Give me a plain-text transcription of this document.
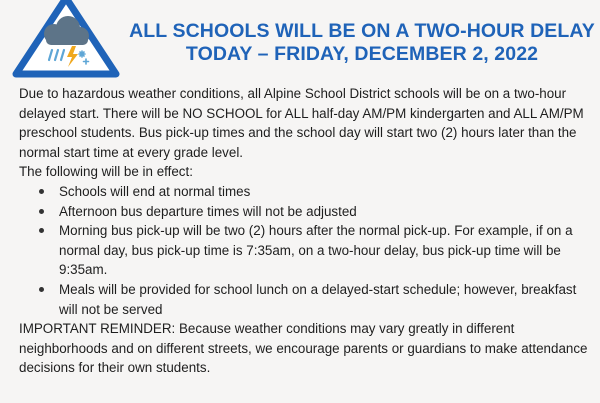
ALL SCHOOLS WILL BE ON A TWO-HOUR DELAY
TODAY – FRIDAY, DECEMBER 2, 2022

Due to hazardous weather conditions, all Alpine School District schools will be on a two-hour delayed start. There will be NO SCHOOL for ALL half-day AM/PM kindergarten and ALL AM/PM preschool students. Bus pick-up times and the school day will start two (2) hours later than the normal start time at every grade level.

The following will be in effect:

Schools will end at normal times
Afternoon bus departure times will not be adjusted
Morning bus pick-up will be two (2) hours after the normal pick-up. For example, if on a normal day, bus pick-up time is 7:35am, on a two-hour delay, bus pick-up time will be 9:35am.
Meals will be provided for school lunch on a delayed-start schedule; however, breakfast will not be served

IMPORTANT REMINDER: Because weather conditions may vary greatly in different neighborhoods and on different streets, we encourage parents or guardians to make attendance decisions for their own students.
